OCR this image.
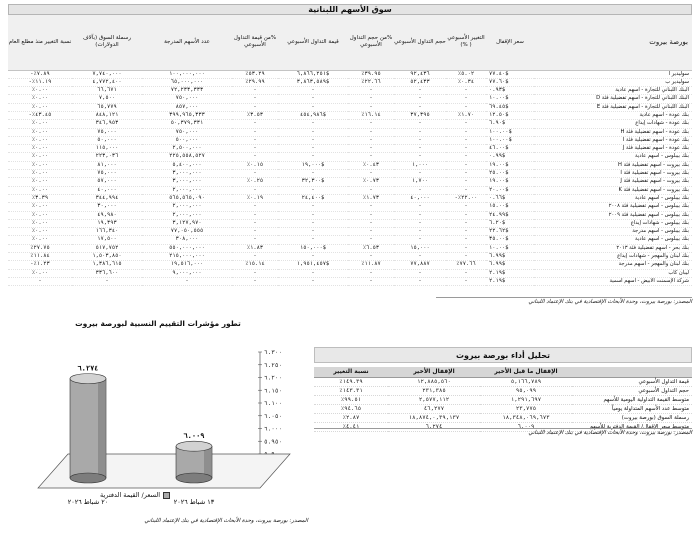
سوق الأسهم اللبنانية
بورصة بيروت	سعر الإقفال	التغيير الأسبوعي ( %)	حجم التداول الأسبوعي	%من حجم التداول الأسبوعي	قيمة التداول الأسبوعي	%من قيمة التداول الأسبوعي	عدد الأسهم المدرجة	رسملة السوق (بآلاف الدولارات)	نسبة التغيير منذ مطلع العام
سوليدير أ	$٧٧.٤٠	٥.٠٢٪	٩٢,٤٣٦	٣٩.٩٥٪	$٦,٨٦٦,٢٥١	٥٣.٢٩٪	١٠٠,٠٠٠,٠٠٠	٧,٧٤٠,٠٠٠	٧.٨٩٪-
سوليدير ب	$٧٧.٦٠	٠.٣٤٪	٥٢,٤٣٣	٢٢.٦٦٪	$٣,٨٦٣,٥٨٩	٢٩.٩٩٪	٦٥,٠٠٠,٠٠٠	٤,٧٧٢,٤٠٠	١١.١٩٪-
البنك اللبناني للتجارة - أسهم عادية	$٠.٩٣	-	-	-	-	-	٧٢,٢٣٣,٣٣٣	٦٦,٦٧١	٠.٠٠٪
البنك اللبناني للتجارة - أسهم تفضيلية فئة D	$١٠.٠٠	-	-	-	-	-	٧٥٠,٠٠٠	٧,٥٠٠	٠.٠٠٪
البنك اللبناني للتجارة - أسهم تفضيلية فئة E	$٦٩.٤٥	-	-	-	-	-	٨٥٧,٠٠٠	٦٥,٧٧٩	٠.٠٠٪
بنك عودة - أسهم عادية	$١٢.٥٠	١.٧٠٪	٣٧,٣٩٥	١٦.١٤٪	$٤٥٤,٩٨٦	٣.٥٣٪	٣٩٩,٩٦٥,٣٣٣	٨٤٨,١٢١	٤٣.٤٥٪-
بنك عودة - شهادات إيداع	$٦.٩٠	-	-	-	-	-	٥٠,٣٧٩,٣٣١	٣٤٦,٩٥٣	٠.٠٠٪
بنك عودة - أسهم تفضيلية فئة H	$١٠٠.٠٠	-	-	-	-	-	٧٥٠,٠٠٠	٧٥,٠٠٠	٠.٠٠٪
بنك عودة - أسهم تفضيلية فئة I	$١٠٠.٠٠	-	-	-	-	-	٥٠٠,٠٠٠	٥٠,٠٠٠	٠.٠٠٪
بنك عودة - أسهم تفضيلية فئة J	$٤٦.٠٠	-	-	-	-	-	٢,٥٠٠,٠٠٠	١١٥,٠٠٠	٠.٠٠٪
بنك بيبلوس - أسهم عادية	$٠.٩٩	-	-	-	-	-	٢٢٥,٥٥٨,٥٢٧	٢٢٣,٠٣٦	٠.٠٠٪
بنك بيروت - أسهم تفضيلية فئة H	$١٩.٠٠	-	١,٠٠٠	٠.٤٣٪	$١٩,٠٠٠	٠.١٥٪	٥,٤٠٠,٠٠٠	٨١,٠٠٠	٠.٠٠٪
بنك بيروت - أسهم تفضيلية فئة I	$٢٥.٠٠	-	-	-	-	-	٣,٠٠٠,٠٠٠	٧٥,٠٠٠	٠.٠٠٪
بنك بيروت - أسهم تفضيلية فئة J	$١٩.٠٠	-	١,٧٠٠	٠.٧٣٪	$٣٢,٣٠٠	٠.٢٥٪	٣,٠٠٠,٠٠٠	٥٧,٠٠٠	٠.٠٠٪
بنك بيروت - أسهم تفضيلية فئة K	$٢٠.٠٠	-	-	-	-	-	٢,٠٠٠,٠٠٠	٤٠,٠٠٠	٠.٠٠٪
بنك بيبلوس - أسهم عادية	$٠.٦٦	٢٢.٠٠٪-	٤٠,٠٠٠	١.٧٣٪	$٢٤,٤٠٠	٠.١٩٪	٥٦٥,٥٦٥,٠٩٠	٣٤٤,٩٩٤	٣.٣٩٪
بنك بيبلوس - أسهم تفضيلية فئة ٢٠٠٨	$١٥.٠٠	-	-	-	-	-	٢,٠٠٠,٠٠٠	٣٠,٠٠٠	٠.٠٠٪
بنك بيبلوس - أسهم تفضيلية فئة ٢٠٠٩	$٢٤.٩٩	-	-	-	-	-	٢,٠٠٠,٠٠٠	٤٩,٩٨٠	٠.٠٠٪
بنك بيبلوس - شهادات إيداع	$٦.٢٠	-	-	-	-	-	٣,١٢٧,٩٧٠	١٩,٣٩٣	٠.٠٠٪
بنك بيبلوس - أسهم مدرجة	$٢٢.٦٢	-	-	-	-	-	٧٧,٠٥٠,٥٥٥	١٦٦,٣٤٠	٠.٠٠٪
بنك بيبلوس - أسهم عادية	$٣٥.٠٠	-	-	-	-	-	٣٠٨,٠٠٠	١٧,٥٠٠	٠.٠٠٪
بنك بحر - أسهم تفضيلية فئة ٢٠١٣	$١٠.٠٠	-	١٥,٠٠٠	٦.٥٣٪	$١٥٠,٠٠٠	١.٨٣٪	٥٥٠,٠٠٠,٠٠٠	٥١٧,٧٥٢	٢٧.٧٥٪
بنك لبنان والمهجر - شهادات إيداع	$٦.٩٩	-	-	-	-	-	٢١٥,٠٠٠,٠٠٠	١,٥٠٣,٨٥٠	١١.٨٤٪
بنك لبنان والمهجر - أسهم مدرجة	$٦.٩٩	٧٧.٦٦٪	٧٧,٨٨٧	١١.٨٧٪	$١,٩٥١,٤٥٧	١٥.١٤٪	١٩,٥١٦,٠٠٠	١,٣٨٦,٦١٥	١.٢٣٪-
ليبان كاب	$٢.١٩	-	-	-	-	-	٩,٠٠٠,٠٠٠	٣٣٦,٦٠٠	٠.٠٠٪
شركة الإسمنت الأبيض - أسهم اسمية	$٢.١٩	-	-	-	-	-	-	-	-
المصدر: بورصة بيروت، وحدة الأبحاث الإقتصادية في بنك الإعتماد اللبناني
تطور مؤشرات التقييم النسبية لبورصة بيروت
٥.٩٥٠
٦.٠٠٠
٦.٠٥٠
٦.١٠٠
٦.١٥٠
٦.٢٠٠
٦.٢٥٠
٦.٣٠٠
٦.٢٧٤
٢٠ شباط ٢٠٢٦
٦.٠٠٩
١٣ شباط ٢٠٢٦
المصدر: بورصة بيروت، وحدة الأبحاث الإقتصادية في بنك الإعتماد اللبناني
تحليل أداء بورصة بيروت
	الإقفال ما قبل الأخير	الإقفال الأخير	نسبة التغيير
قيمة التداول الأسبوعي	٥,١٦٦,٧٨٩	١٢,٨٨٥,٥٦٠	١٤٩.٣٩٪
حجم التداول الأسبوعي	٩٥,٠٩٩	٢٣١,٣٨٥	١٤٣.٣١٪
متوسط القيمة التداولية اليومية للأسهم	١,٢٩١,٦٩٧	٢,٥٧٧,١١٢	٩٩.٥١٪
متوسط عدد الأسهم المتداولة يومياً	٢٣,٧٧٥	٤٦,٢٧٧	٩٤.٦٥٪
رسملة السوق (بورصة بيروت)	١٨,٣٤٨,٠٦٩,٦٧٣	١٨,٨٧٤,٠,٣٩,١٣٧	٢.٨٧٪
متوسط سعر الإقفال/ القيمة الدفترية للأسهم	٦.٠٠٩	٦.٢٧٤	٤.٤١٪
المصدر: بورصة بيروت، وحدة الأبحاث الإقتصادية في بنك الإعتماد اللبناني
السعر/ القيمة الدفترية
